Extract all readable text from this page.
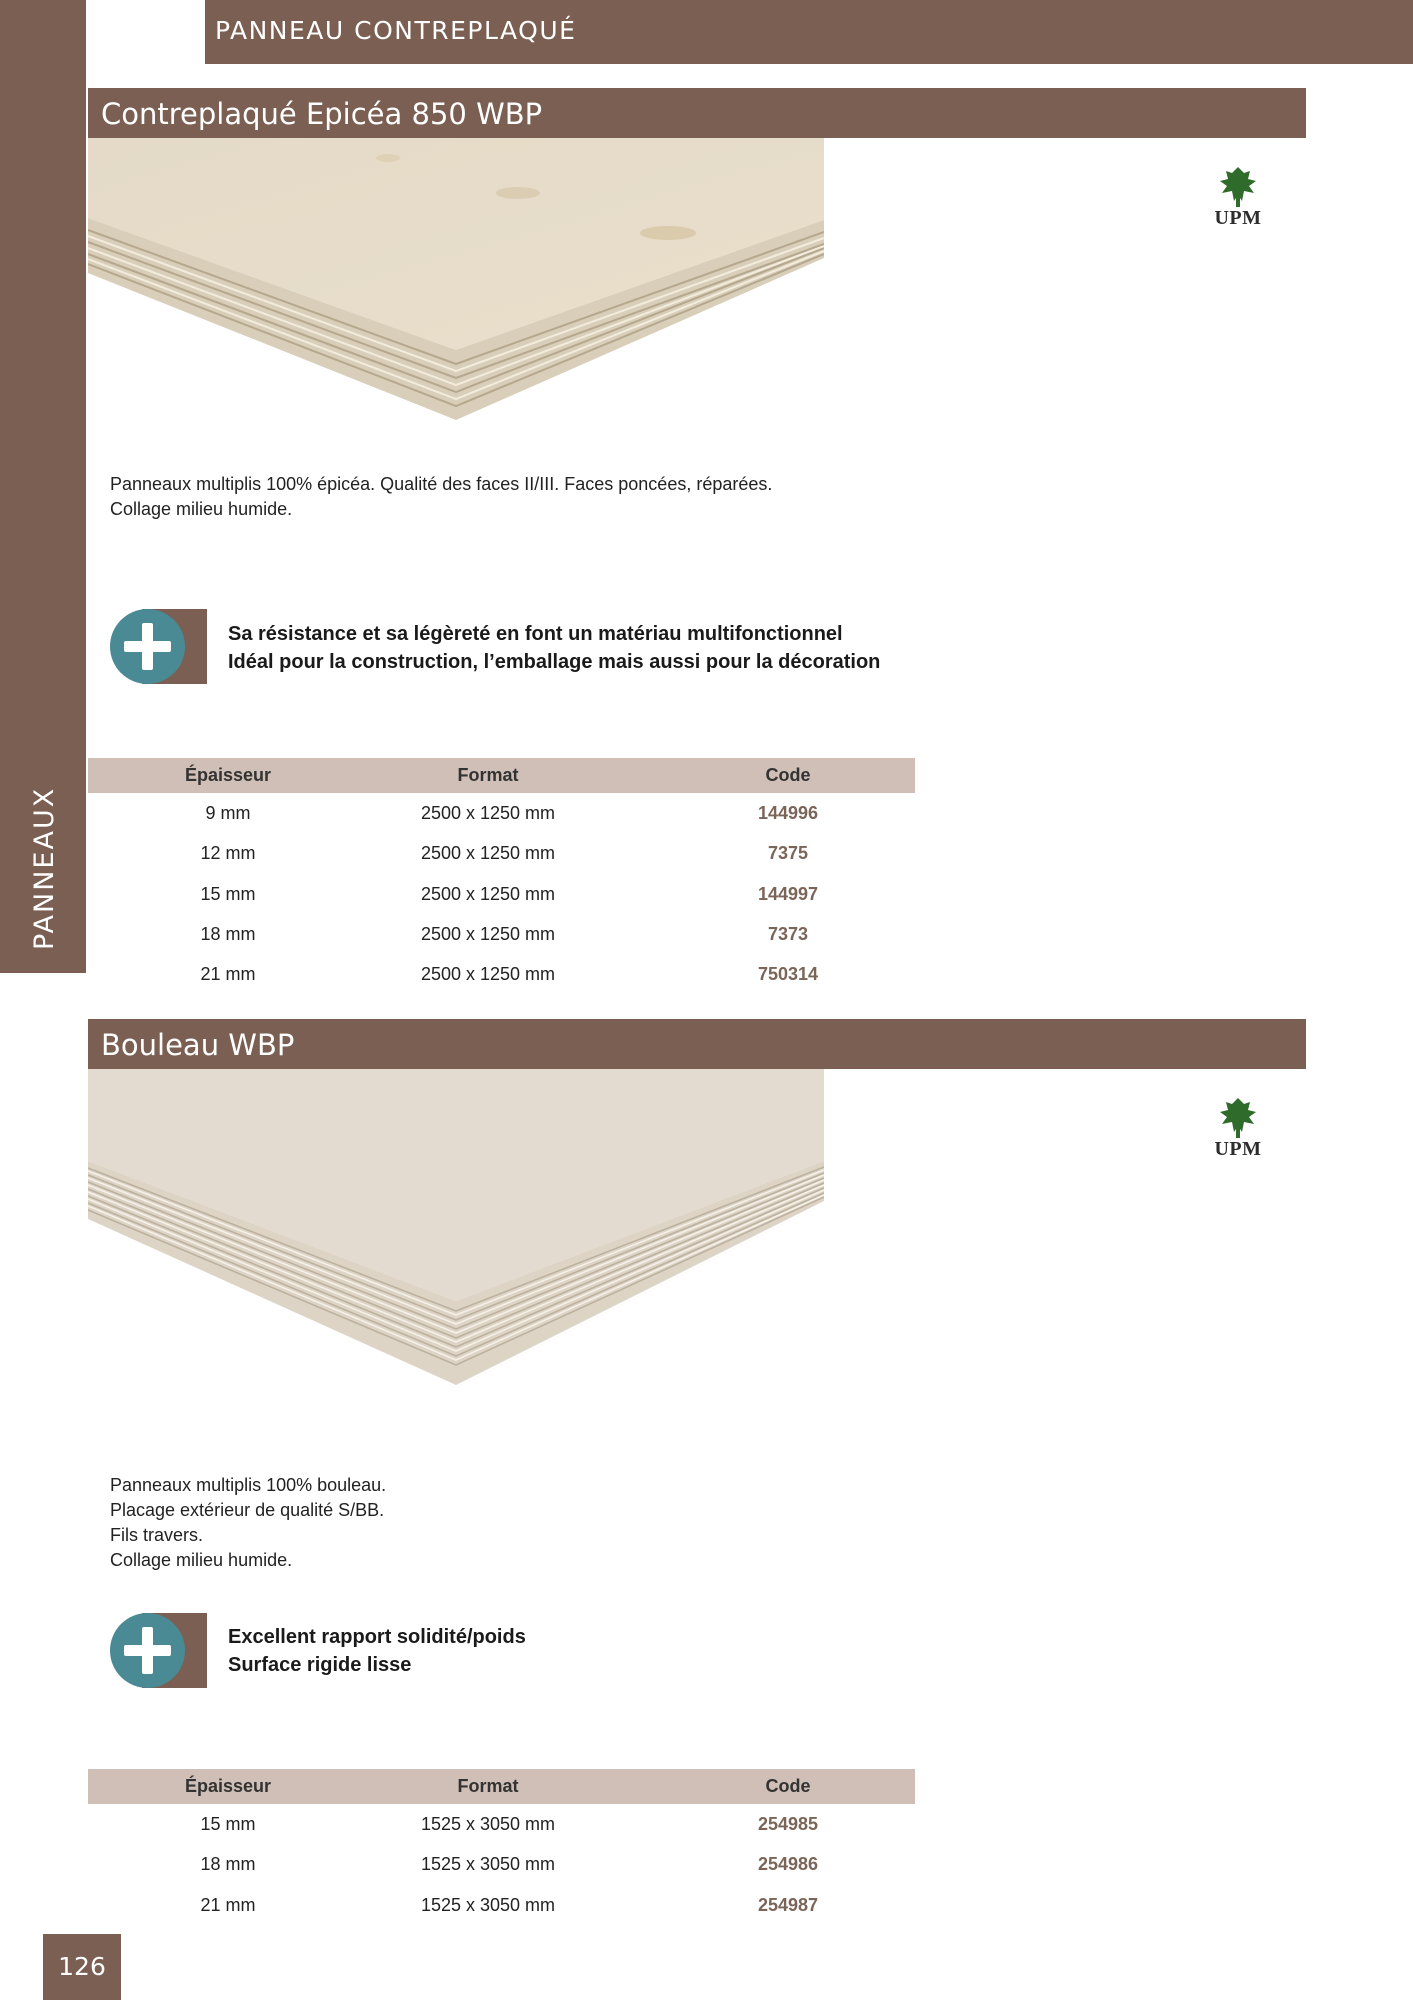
PANNEAUX
PANNEAU CONTREPLAQUÉ
Contreplaqué Epicéa 850 WBP
UPM
Panneaux multiplis 100% épicéa. Qualité des faces II/III. Faces poncées, réparées.
Collage milieu humide.
Sa résistance et sa légèreté en font un matériau multifonctionnel
Idéal pour la construction, l’emballage mais aussi pour la décoration
Épaisseur	Format	Code
9 mm	2500 x 1250 mm	144996
12 mm	2500 x 1250 mm	7375
15 mm	2500 x 1250 mm	144997
18 mm	2500 x 1250 mm	7373
21 mm	2500 x 1250 mm	750314
Bouleau WBP
UPM
Panneaux multiplis 100% bouleau.
Placage extérieur de qualité S/BB.
Fils travers.
Collage milieu humide.
Excellent rapport solidité/poids
Surface rigide lisse
Épaisseur	Format	Code
15 mm	1525 x 3050 mm	254985
18 mm	1525 x 3050 mm	254986
21 mm	1525 x 3050 mm	254987
126
